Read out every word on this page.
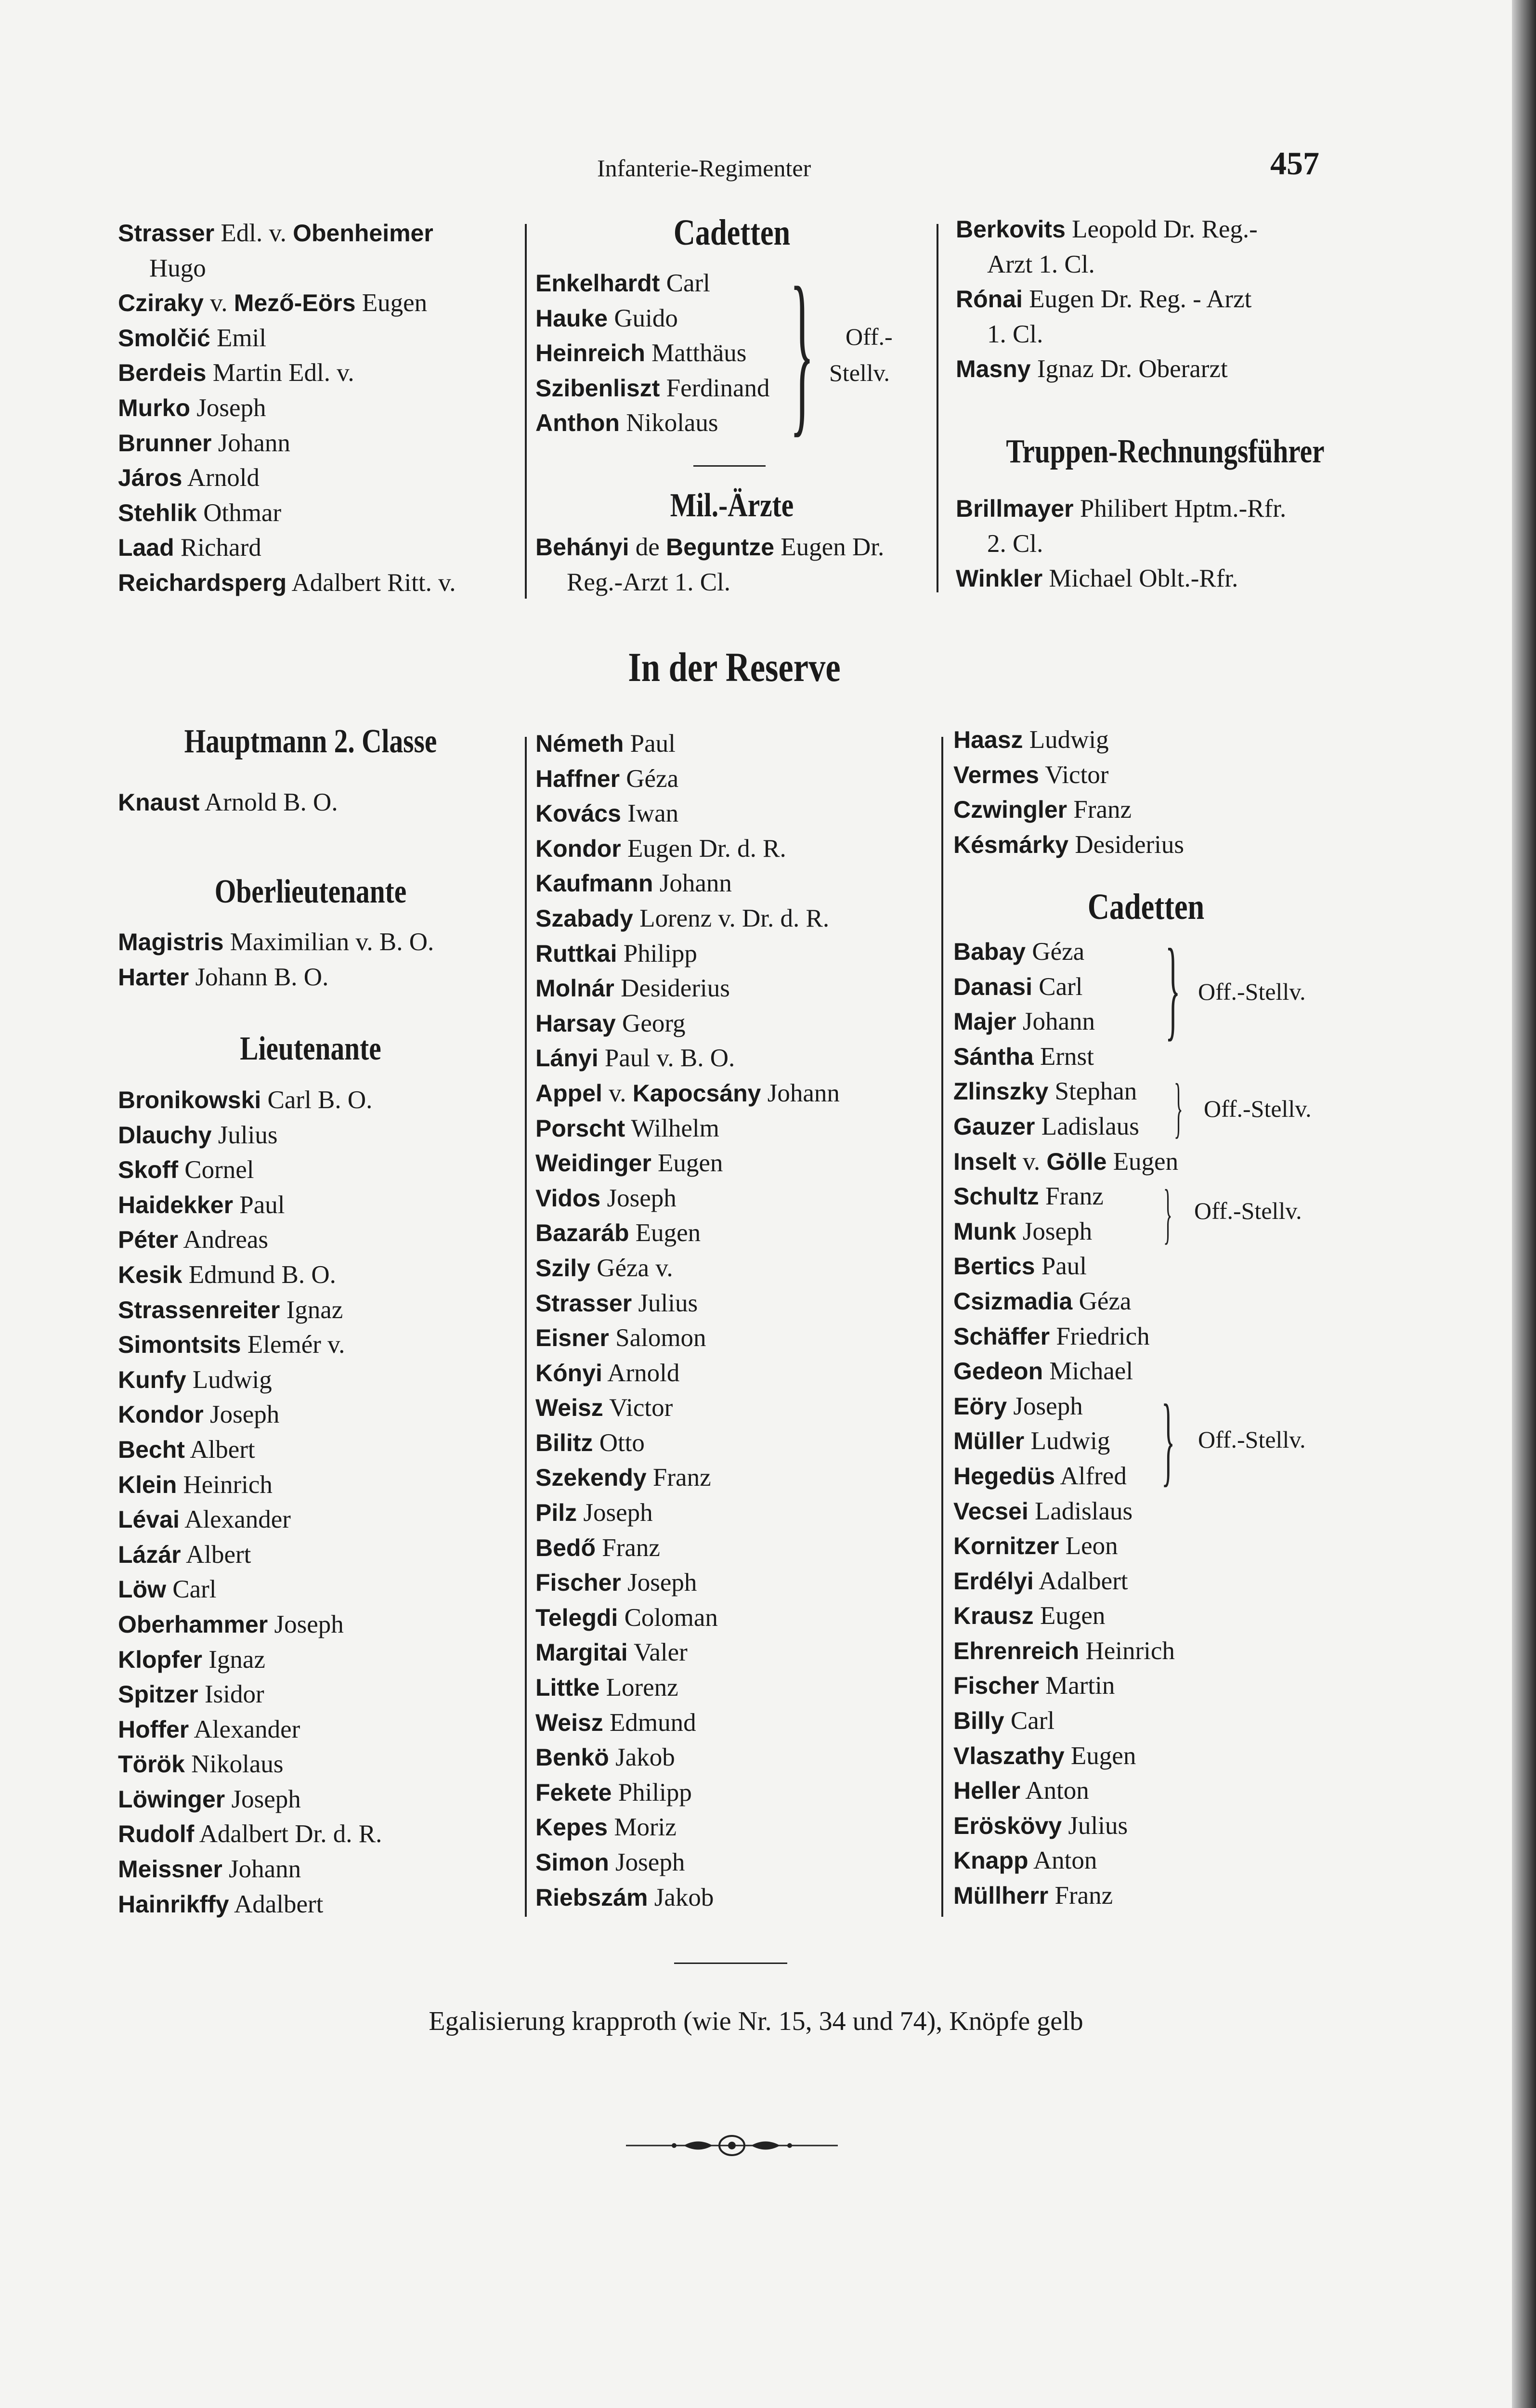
Infanterie-Regimenter	457
Strasser Edl. v. Obenheimer
Hugo
Cziraky v. Mező-Eörs Eugen
Smolčić Emil
Berdeis Martin Edl. v.
Murko Joseph
Brunner Johann
Járos Arnold
Stehlik Othmar
Laad Richard
Reichardsperg Adalbert Ritt. v.
Cadetten
Enkelhardt Carl
Hauke Guido
Heinreich Matthäus
Szibenliszt Ferdinand
Anthon Nikolaus } Off.-
Stellv.
Mil.-Ärzte
Behányi de Beguntze Eugen Dr.
Reg.-Arzt 1. Cl.
Berkovits Leopold Dr. Reg.-
Arzt 1. Cl.
Rónai Eugen Dr. Reg. - Arzt
1. Cl.
Masny Ignaz Dr. Oberarzt
Truppen-Rechnungsführer
Brillmayer Philibert Hptm.-Rfr.
2. Cl.
Winkler Michael Oblt.-Rfr.
In der Reserve
Hauptmann 2. Classe
Knaust Arnold B. O.
Oberlieutenante
Magistris Maximilian v. B. O.
Harter Johann B. O.
Lieutenante
Bronikowski Carl B. O.
Dlauchy Julius
Skoff Cornel
Haidekker Paul
Péter Andreas
Kesik Edmund B. O.
Strassenreiter Ignaz
Simontsits Elemér v.
Kunfy Ludwig
Kondor Joseph
Becht Albert
Klein Heinrich
Lévai Alexander
Lázár Albert
Löw Carl
Oberhammer Joseph
Klopfer Ignaz
Spitzer Isidor
Hoffer Alexander
Török Nikolaus
Löwinger Joseph
Rudolf Adalbert Dr. d. R.
Meissner Johann
Hainrikffy Adalbert
Németh Paul
Haffner Géza
Kovács Iwan
Kondor Eugen Dr. d. R.
Kaufmann Johann
Szabady Lorenz v. Dr. d. R.
Ruttkai Philipp
Molnár Desiderius
Harsay Georg
Lányi Paul v. B. O.
Appel v. Kapocsány Johann
Porscht Wilhelm
Weidinger Eugen
Vidos Joseph
Bazaráb Eugen
Szily Géza v.
Strasser Julius
Eisner Salomon
Kónyi Arnold
Weisz Victor
Bilitz Otto
Szekendy Franz
Pilz Joseph
Bedő Franz
Fischer Joseph
Telegdi Coloman
Margitai Valer
Littke Lorenz
Weisz Edmund
Benkö Jakob
Fekete Philipp
Kepes Moriz
Simon Joseph
Riebszám Jakob
Haasz Ludwig
Vermes Victor
Czwingler Franz
Késmárky Desiderius
Cadetten
Babay Géza
Danasi Carl
Majer Johann
Sántha Ernst
Zlinszky Stephan
Gauzer Ladislaus
Inselt v. Gölle Eugen
Schultz Franz
Munk Joseph
Bertics Paul
Csizmadia Géza
Schäffer Friedrich
Gedeon Michael
Eöry Joseph
Müller Ludwig
Hegedüs Alfred
Vecsei Ladislaus
Kornitzer Leon
Erdélyi Adalbert
Krausz Eugen
Ehrenreich Heinrich
Fischer Martin
Billy Carl
Vlaszathy Eugen
Heller Anton
Eröskövy Julius
Knapp Anton
Müllherr Franz
} Off.-Stellv.
} Off.-Stellv.
} Off.-Stellv.
} Off.-Stellv.
Egalisierung krapproth (wie Nr. 15, 34 und 74), Knöpfe gelb
